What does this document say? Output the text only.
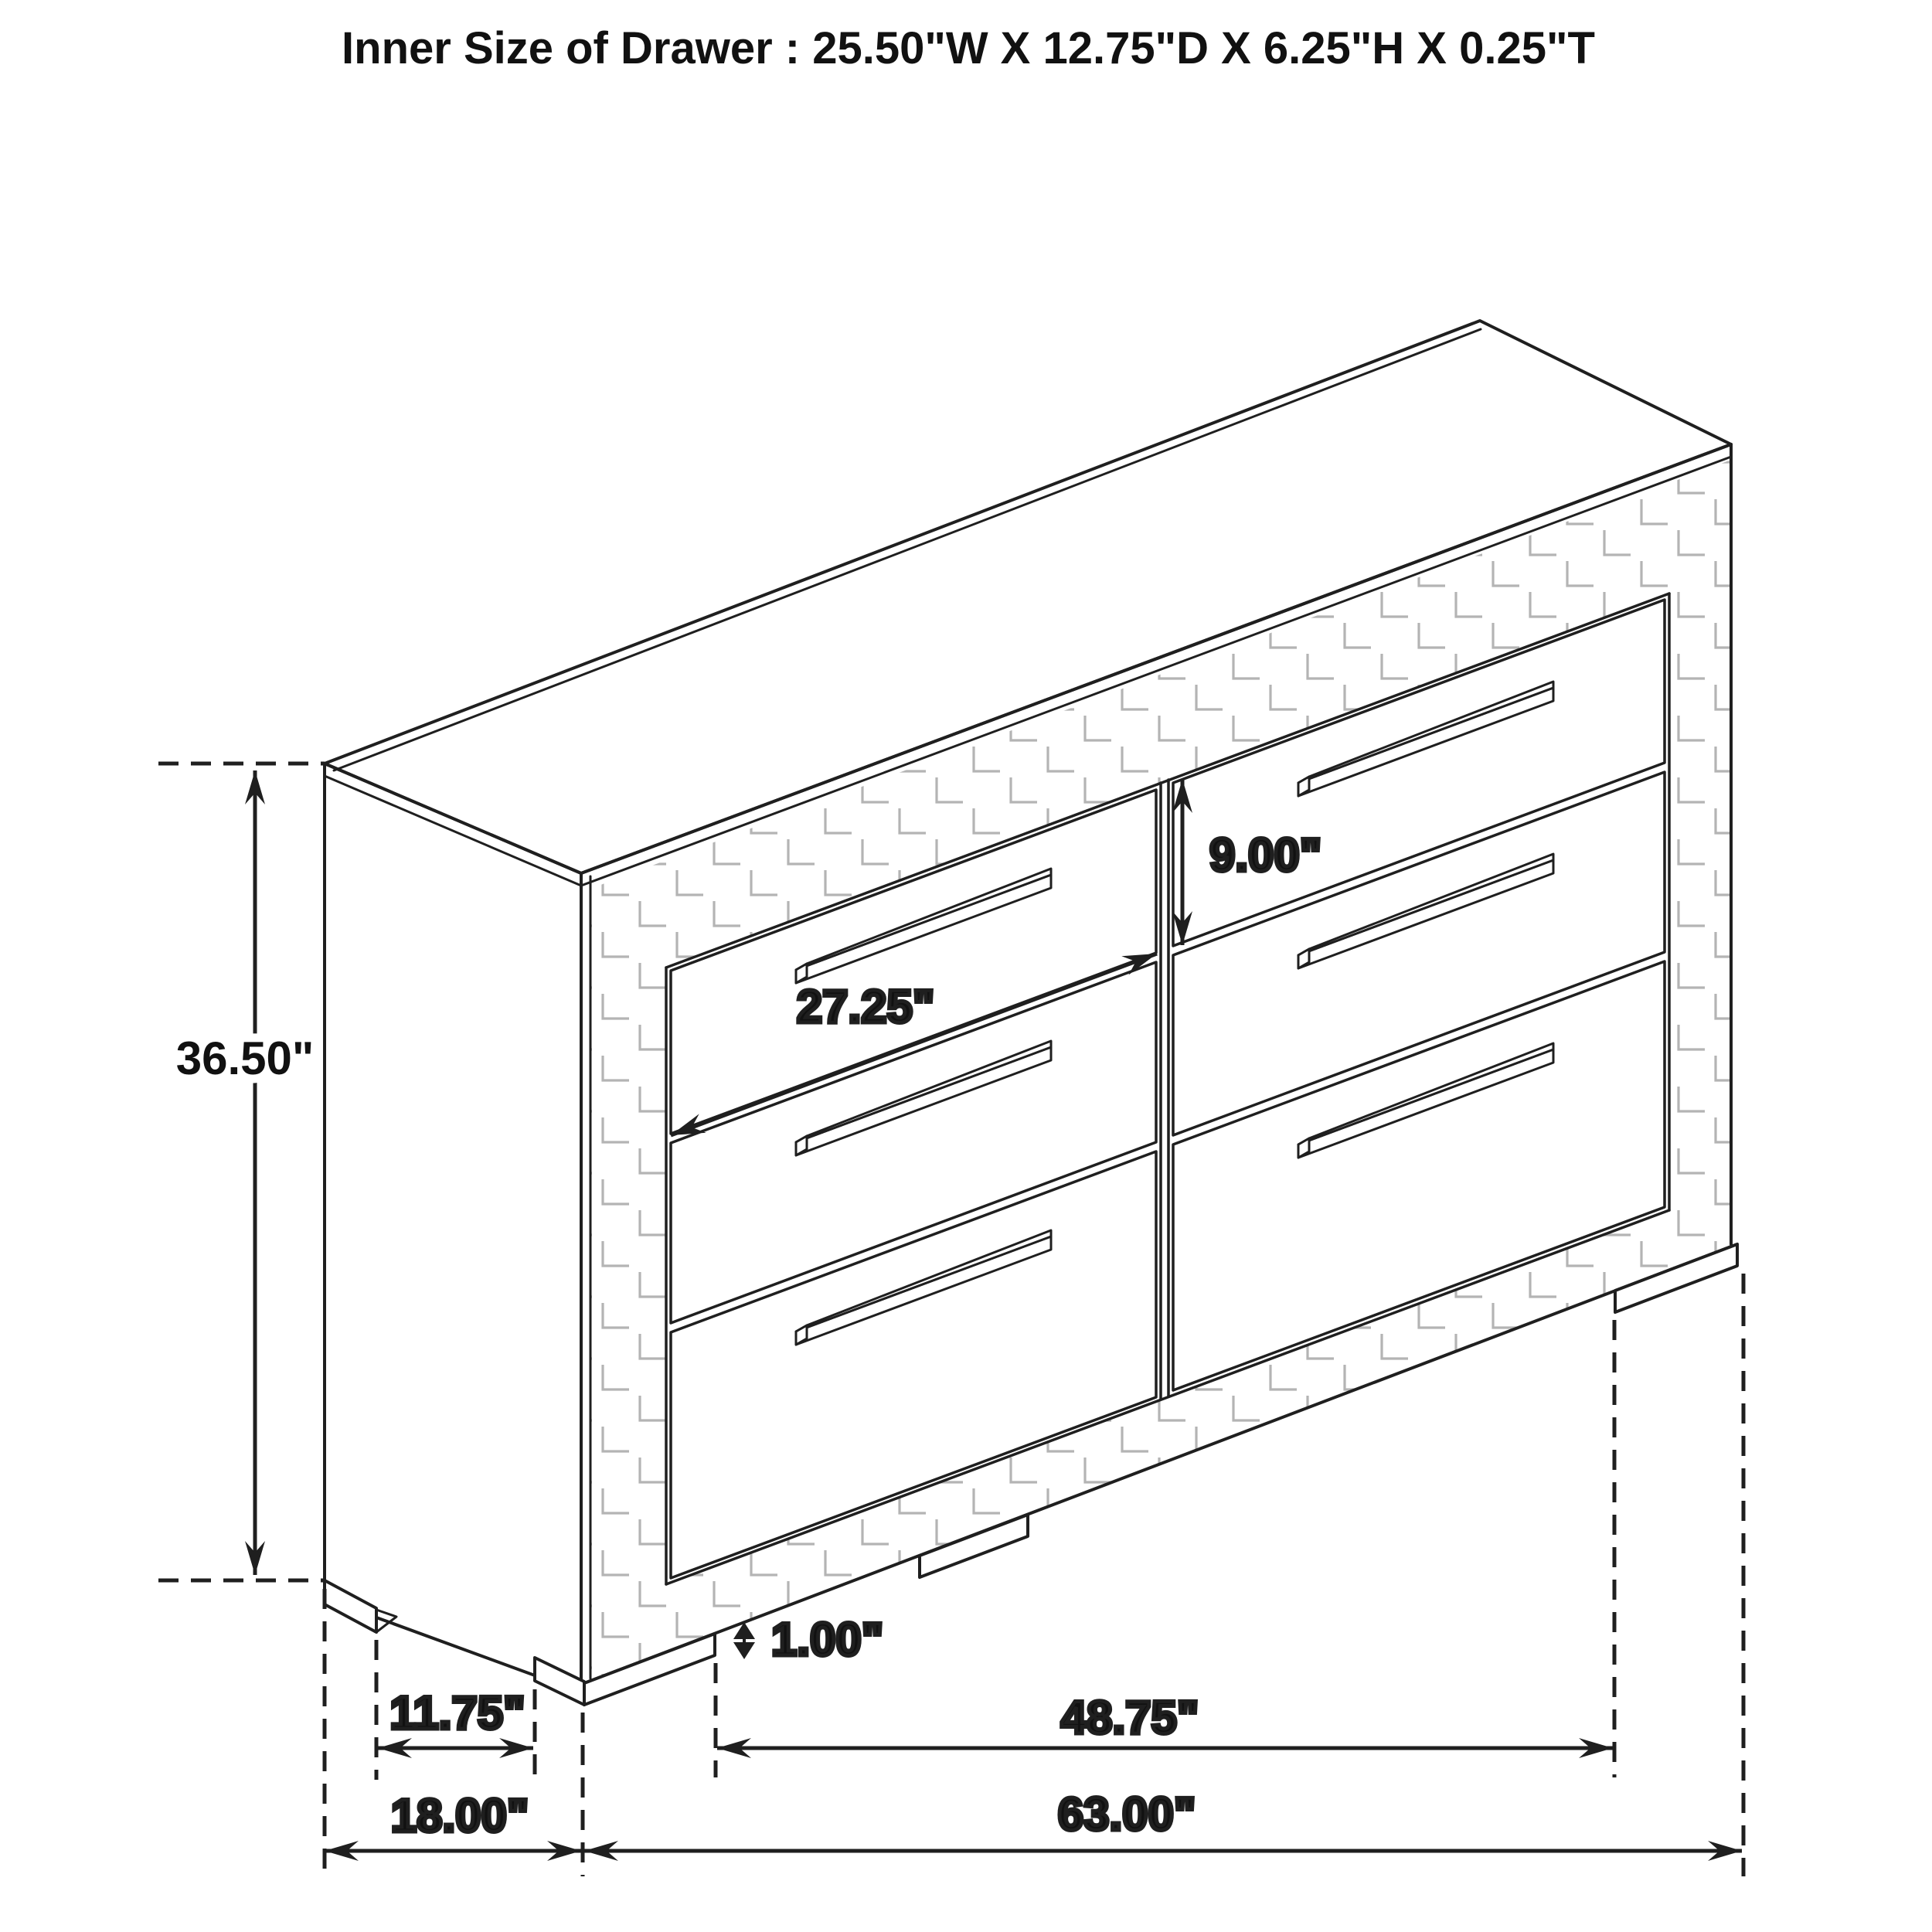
Inner Size of Drawer : 25.50"W X 12.75"D X 6.25"H X 0.25"T
36.50"
9.00"
27.25"
1.00"
11.75"
18.00"
48.75"
63.00"
